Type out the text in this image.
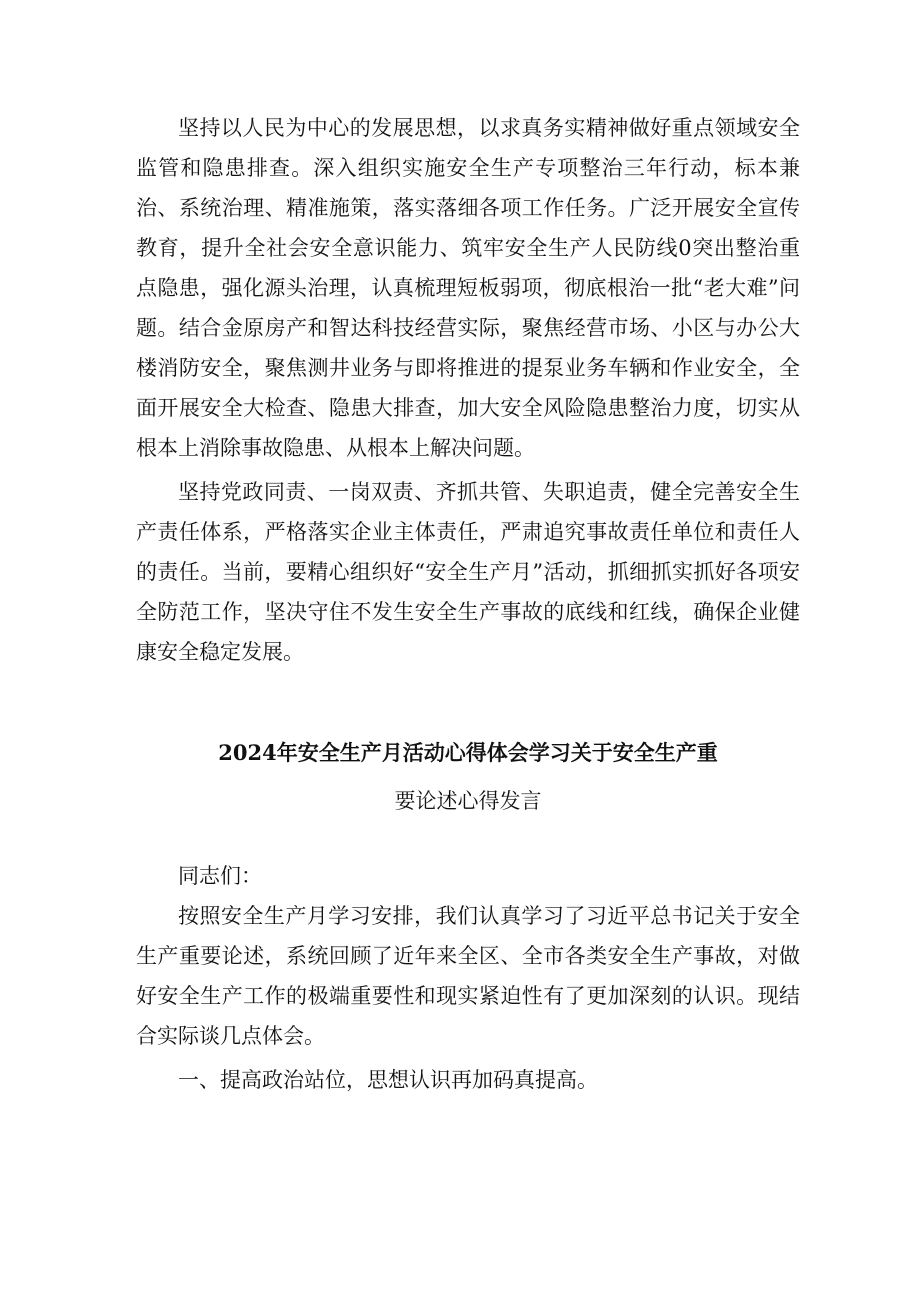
坚持以人民为中心的发展思想，以求真务实精神做好重点领域安全监管和隐患排查。深入组织实施安全生产专项整治三年行动，标本兼治、系统治理、精准施策，落实落细各项工作任务。广泛开展安全宣传教育，提升全社会安全意识能力、筑牢安全生产人民防线0突出整治重点隐患，强化源头治理，认真梳理短板弱项，彻底根治一批“老大难”问题。结合金原房产和智达科技经营实际，聚焦经营市场、小区与办公大楼消防安全，聚焦测井业务与即将推进的提泵业务车辆和作业安全，全面开展安全大检查、隐患大排查，加大安全风险隐患整治力度，切实从根本上消除事故隐患、从根本上解决问题。

坚持党政同责、一岗双责、齐抓共管、失职追责，健全完善安全生产责任体系，严格落实企业主体责任，严肃追究事故责任单位和责任人的责任。当前，要精心组织好“安全生产月”活动，抓细抓实抓好各项安全防范工作，坚决守住不发生安全生产事故的底线和红线，确保企业健康安全稳定发展。

2024年安全生产月活动心得体会学习关于安全生产重
要论述心得发言

同志们：

按照安全生产月学习安排，我们认真学习了习近平总书记关于安全生产重要论述，系统回顾了近年来全区、全市各类安全生产事故，对做好安全生产工作的极端重要性和现实紧迫性有了更加深刻的认识。现结合实际谈几点体会。

一、提高政治站位，思想认识再加码真提高。
